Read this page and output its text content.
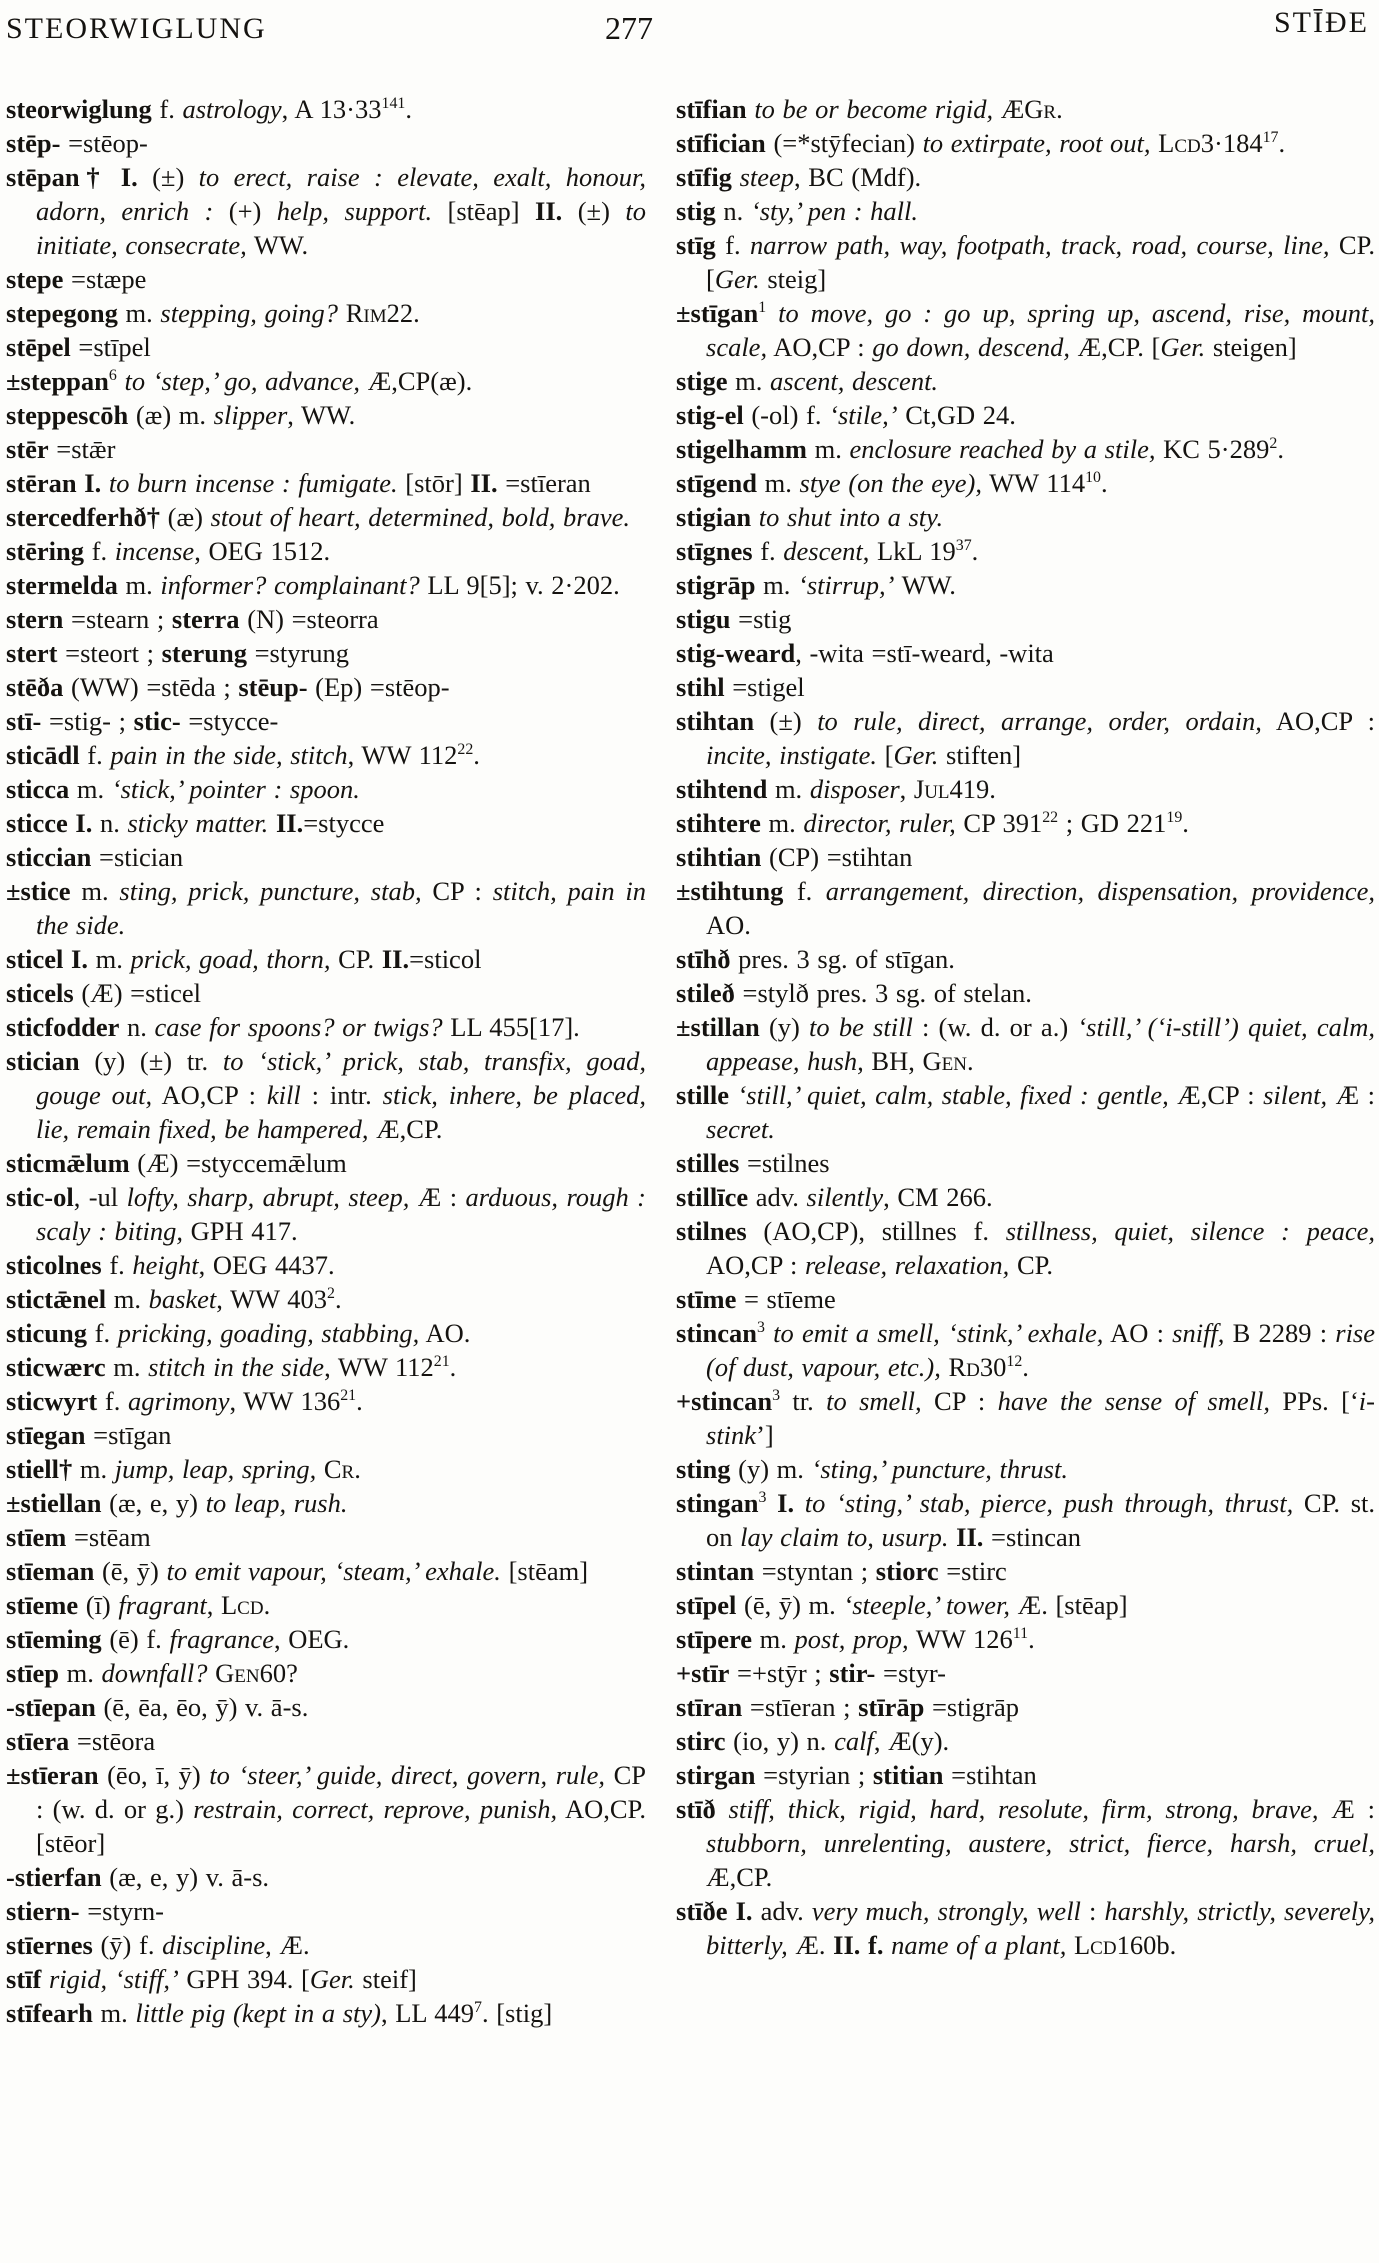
STEORWIGLUNG	277	STĪÐE

steorwiglung f. astrology, A $13\cdot 33^{141}$.

stēp- =stēop-

stēpan† I. (±) to erect, raise : elevate, exalt, honour, adorn, enrich : (+) help, support. [stēap] II. (±) to initiate, consecrate, WW.

stepe =stæpe

stepegong m. stepping, going? Rim22.

stēpel =stīpel

±steppan$^6$ to ‘step,’ go, advance, Æ,CP(æ).

steppescōh (æ) m. slipper, WW.

stēr =stǣr

stēran I. to burn incense : fumigate. [stōr] II. =stīeran

stercedferhð† (æ) stout of heart, determined, bold, brave.

stēring f. incense, OEG 1512.

stermelda m. informer? complainant? LL 9[5]; v. 2·202.

stern =stearn ; sterra (N) =steorra

stert =steort ; sterung =styrung

stēða (WW) =stēda ; stēup- (Ep) =stēop-

stī- =stig- ; stic- =stycce-

sticādl f. pain in the side, stitch, WW $112^{22}$.

sticca m. ‘stick,’ pointer : spoon.

sticce I. n. sticky matter. II.=stycce

sticcian =stician

±stice m. sting, prick, puncture, stab, CP : stitch, pain in the side.

sticel I. m. prick, goad, thorn, CP. II.=sticol

sticels (Æ) =sticel

sticfodder n. case for spoons? or twigs? LL 455[17].

stician (y) (±) tr. to ‘stick,’ prick, stab, transfix, goad, gouge out, AO,CP : kill : intr. stick, inhere, be placed, lie, remain fixed, be hampered, Æ,CP.

sticmǣlum (Æ) =styccemǣlum

stic-ol, -ul lofty, sharp, abrupt, steep, Æ : arduous, rough : scaly : biting, GPH 417.

sticolnes f. height, OEG 4437.

stictǣnel m. basket, WW $403^2$.

sticung f. pricking, goading, stabbing, AO.

sticwærc m. stitch in the side, WW $112^{21}$.

sticwyrt f. agrimony, WW $136^{21}$.

stīegan =stīgan

stiell† m. jump, leap, spring, Cr.

±stiellan (æ, e, y) to leap, rush.

stīem =stēam

stīeman (ē, ȳ) to emit vapour, ‘steam,’ exhale. [stēam]

stīeme (ī) fragrant, Lcd.

stīeming (ē) f. fragrance, OEG.

stīep m. downfall? Gen60?

-stīepan (ē, ēa, ēo, ȳ) v. ā-s.

stīera =stēora

±stīeran (ēo, ī, ȳ) to ‘steer,’ guide, direct, govern, rule, CP : (w. d. or g.) restrain, correct, reprove, punish, AO,CP. [stēor]

-stierfan (æ, e, y) v. ā-s.

stiern- =styrn-

stīernes (ȳ) f. discipline, Æ.

stīf rigid, ‘stiff,’ GPH 394. [Ger. steif]

stīfearh m. little pig (kept in a sty), LL $449^7$. [stig]

stīfian to be or become rigid, ÆGr.

stīfician (=*stȳfecian) to extirpate, root out, $Lcd3\cdot 184^{17}$.

stīfig steep, BC (Mdf).

stig n. ‘sty,’ pen : hall.

stīg f. narrow path, way, footpath, track, road, course, line, CP. [Ger. steig]

±stīgan$^1$ to move, go : go up, spring up, ascend, rise, mount, scale, AO,CP : go down, descend, Æ,CP. [Ger. steigen]

stige m. ascent, descent.

stig-el (-ol) f. ‘stile,’ Ct,GD 24.

stigelhamm m. enclosure reached by a stile, KC $5\cdot 289^2$.

stīgend m. stye (on the eye), WW $114^{10}$.

stigian to shut into a sty.

stīgnes f. descent, LkL $19^{37}$.

stigrāp m. ‘stirrup,’ WW.

stigu =stig

stig-weard, -wita =stī-weard, -wita

stihl =stigel

stihtan (±) to rule, direct, arrange, order, ordain, AO,CP : incite, instigate. [Ger. stiften]

stihtend m. disposer, Jul419.

stihtere m. director, ruler, CP $391^{22}$ ; GD $221^{19}$.

stihtian (CP) =stihtan

±stihtung f. arrangement, direction, dispensation, providence, AO.

stīhð pres. 3 sg. of stīgan.

stileð =stylð pres. 3 sg. of stelan.

±stillan (y) to be still : (w. d. or a.) ‘still,’ (‘i-still’) quiet, calm, appease, hush, BH, Gen.

stille ‘still,’ quiet, calm, stable, fixed : gentle, Æ,CP : silent, Æ : secret.

stilles =stilnes

stillīce adv. silently, CM 266.

stilnes (AO,CP), stillnes f. stillness, quiet, silence : peace, AO,CP : release, relaxation, CP.

stīme = stīeme

stincan$^3$ to emit a smell, ‘stink,’ exhale, AO : sniff, B 2289 : rise (of dust, vapour, etc.), $Rd30^{12}$.

+stincan$^3$ tr. to smell, CP : have the sense of smell, PPs. [‘i-stink’]

sting (y) m. ‘sting,’ puncture, thrust.

stingan$^3$ I. to ‘sting,’ stab, pierce, push through, thrust, CP. st. on lay claim to, usurp. II. =stincan

stintan =styntan ; stiorc =stirc

stīpel (ē, ȳ) m. ‘steeple,’ tower, Æ. [stēap]

stīpere m. post, prop, WW $126^{11}$.

+stīr =+stȳr ; stir- =styr-

stīran =stīeran ; stīrāp =stigrāp

stirc (io, y) n. calf, Æ(y).

stirgan =styrian ; stitian =stihtan

stīð stiff, thick, rigid, hard, resolute, firm, strong, brave, Æ : stubborn, unrelenting, austere, strict, fierce, harsh, cruel, Æ,CP.

stīðe I. adv. very much, strongly, well : harshly, strictly, severely, bitterly, Æ. II. f. name of a plant, Lcd160b.
